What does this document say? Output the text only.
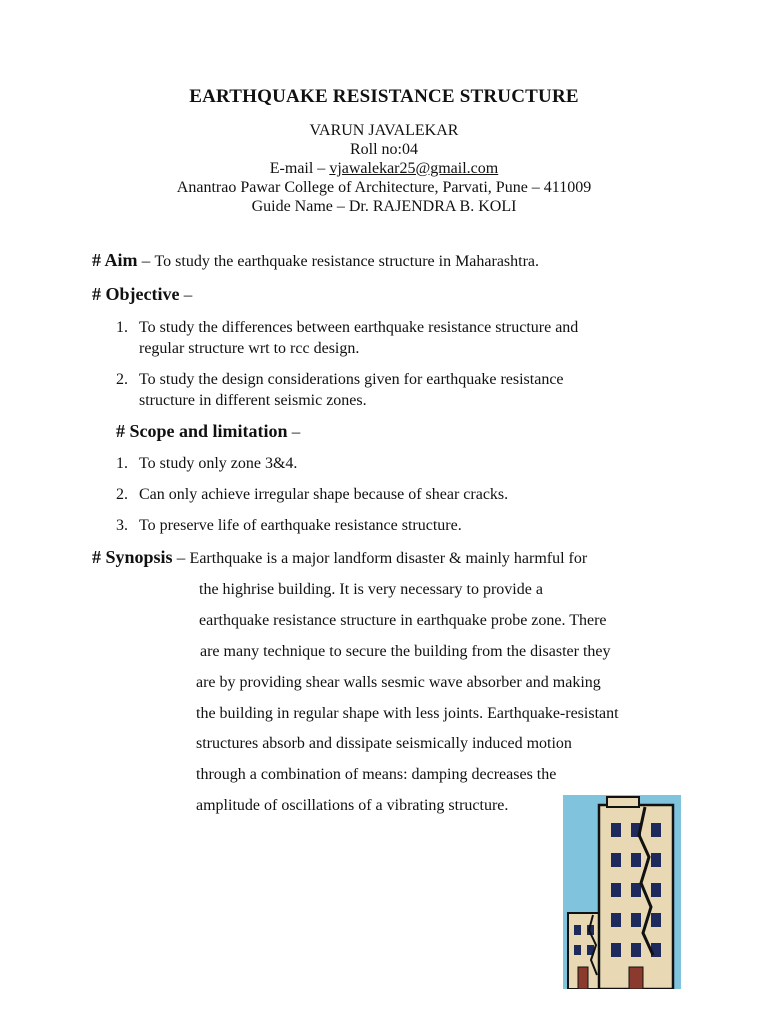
EARTHQUAKE RESISTANCE STRUCTURE
VARUN JAVALEKAR
Roll no:04
E-mail – vjawalekar25@gmail.com
Anantrao Pawar College of Architecture, Parvati, Pune – 411009
Guide Name – Dr. RAJENDRA B. KOLI
# Aim – To study the earthquake resistance structure in Maharashtra.
# Objective –
1. To study the differences between earthquake resistance structure and
regular structure wrt to rcc design.
2. To study the design considerations given for earthquake resistance
structure in different seismic zones.
# Scope and limitation –
1. To study only zone 3&4.
2. Can only achieve irregular shape because of shear cracks.
3. To preserve life of earthquake resistance structure.
# Synopsis – Earthquake is a major landform disaster & mainly harmful for
the highrise building. It is very necessary to provide a
earthquake resistance structure in earthquake probe zone. There
are many technique to secure the building from the disaster they
are by providing shear walls sesmic wave absorber and making
the building in regular shape with less joints. Earthquake-resistant
structures absorb and dissipate seismically induced motion
through a combination of means: damping decreases the
amplitude of oscillations of a vibrating structure.
